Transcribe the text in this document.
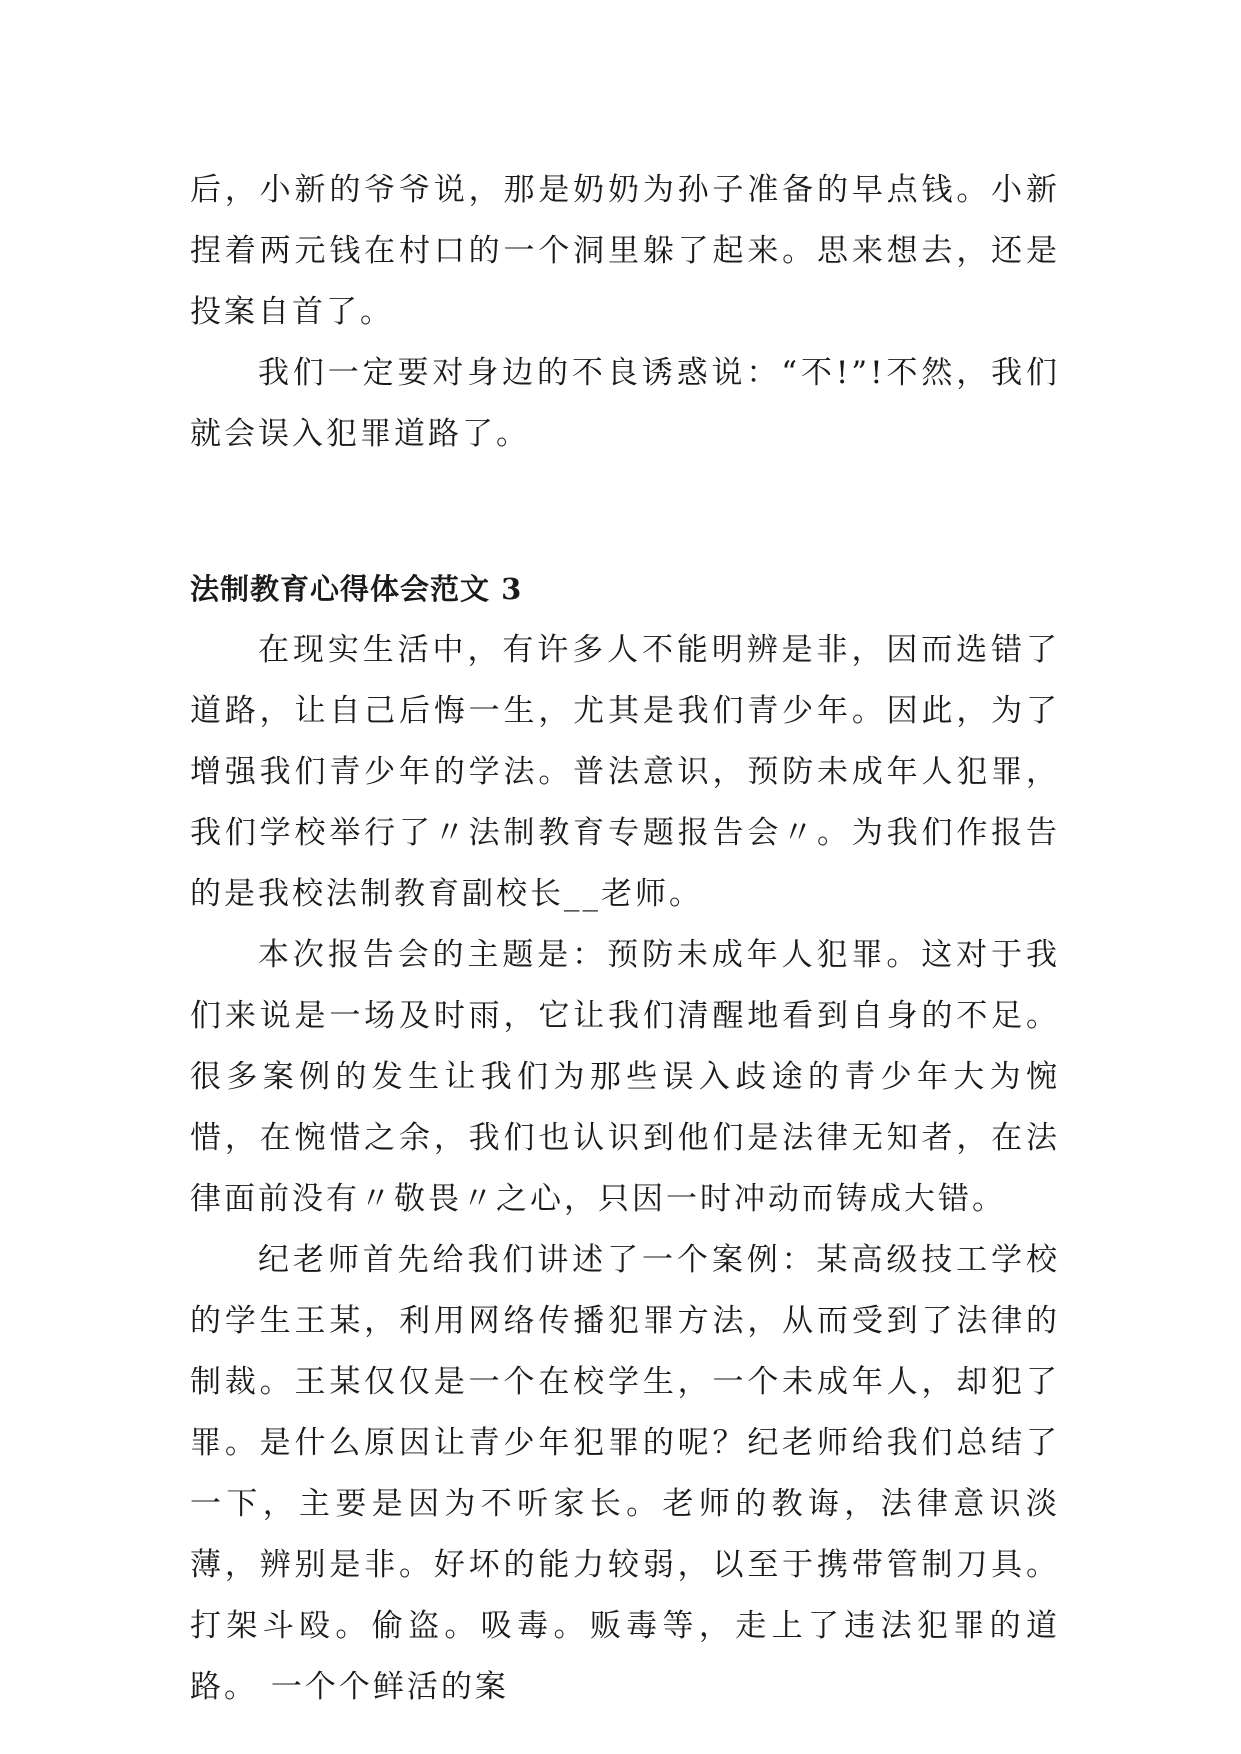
后，小新的爷爷说，那是奶奶为孙子准备的早点钱。小新捏着两元钱在村口的一个洞里躲了起来。思来想去，还是投案自首了。

我们一定要对身边的不良诱惑说：“不!”!不然，我们就会误入犯罪道路了。

法制教育心得体会范文 3

在现实生活中，有许多人不能明辨是非，因而选错了道路，让自己后悔一生，尤其是我们青少年。因此，为了增强我们青少年的学法。普法意识，预防未成年人犯罪，我们学校举行了〃法制教育专题报告会〃。为我们作报告的是我校法制教育副校长__老师。

本次报告会的主题是：预防未成年人犯罪。这对于我们来说是一场及时雨，它让我们清醒地看到自身的不足。很多案例的发生让我们为那些误入歧途的青少年大为惋惜，在惋惜之余，我们也认识到他们是法律无知者，在法律面前没有〃敬畏〃之心，只因一时冲动而铸成大错。

纪老师首先给我们讲述了一个案例：某高级技工学校的学生王某，利用网络传播犯罪方法，从而受到了法律的制裁。王某仅仅是一个在校学生，一个未成年人，却犯了罪。是什么原因让青少年犯罪的呢？纪老师给我们总结了一下，主要是因为不听家长。老师的教诲，法律意识淡薄，辨别是非。好坏的能力较弱，以至于携带管制刀具。打架斗殴。偷盗。吸毒。贩毒等，走上了违法犯罪的道路。 一个个鲜活的案
